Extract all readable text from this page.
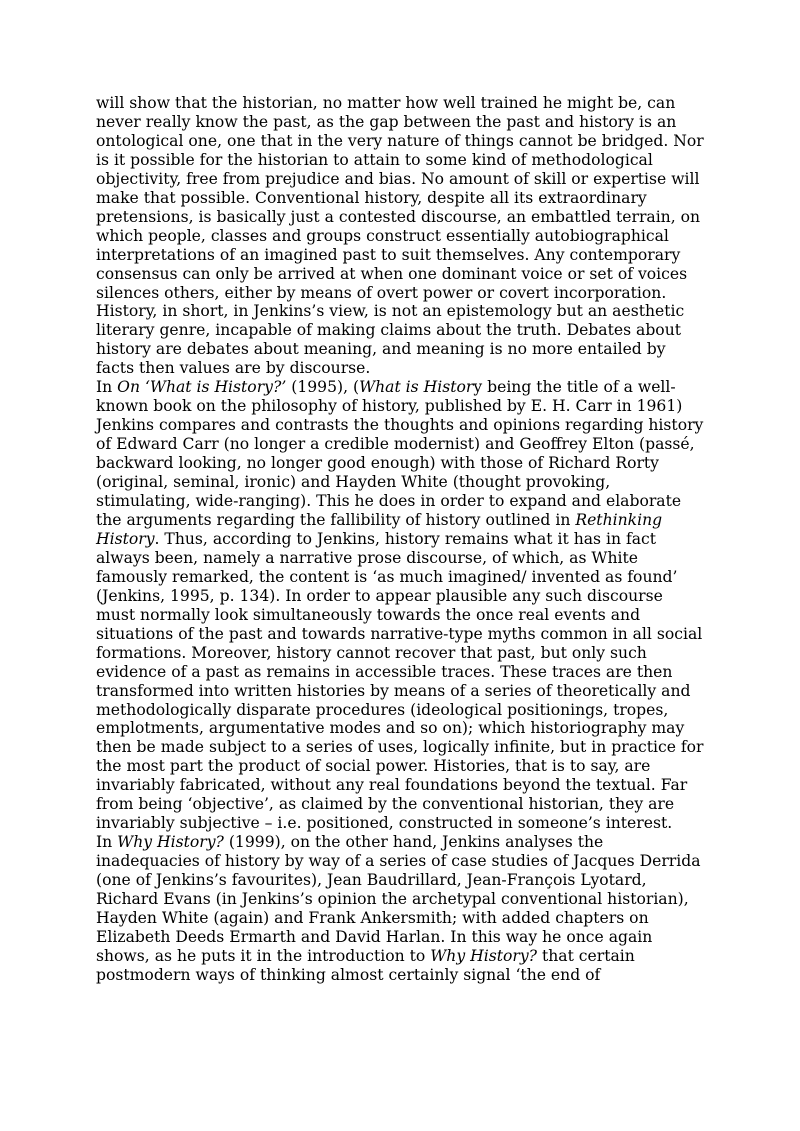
will show that the historian, no matter how well trained he might be, can never really know the past, as the gap between the past and history is an ontological one, one that in the very nature of things cannot be bridged. Nor is it possible for the historian to attain to some kind of methodological objectivity, free from prejudice and bias. No amount of skill or expertise will make that possible. Conventional history, despite all its extraordinary pretensions, is basically just a contested discourse, an embattled terrain, on which people, classes and groups construct essentially autobiographical interpretations of an imagined past to suit themselves. Any contemporary consensus can only be arrived at when one dominant voice or set of voices silences others, either by means of overt power or covert incorporation. History, in short, in Jenkins’s view, is not an epistemology but an aesthetic literary genre, incapable of making claims about the truth. Debates about history are debates about meaning, and meaning is no more entailed by facts then values are by discourse.

In On ‘What is History?’ (1995), (What is History being the title of a well-known book on the philosophy of history, published by E. H. Carr in 1961) Jenkins compares and contrasts the thoughts and opinions regarding history of Edward Carr (no longer a credible modernist) and Geoffrey Elton (passé, backward looking, no longer good enough) with those of Richard Rorty (original, seminal, ironic) and Hayden White (thought provoking, stimulating, wide-ranging). This he does in order to expand and elaborate the arguments regarding the fallibility of history outlined in Rethinking History. Thus, according to Jenkins, history remains what it has in fact always been, namely a narrative prose discourse, of which, as White famously remarked, the content is ‘as much imagined/ invented as found’ (Jenkins, 1995, p. 134). In order to appear plausible any such discourse must normally look simultaneously towards the once real events and situations of the past and towards narrative-type myths common in all social formations. Moreover, history cannot recover that past, but only such evidence of a past as remains in accessible traces. These traces are then transformed into written histories by means of a series of theoretically and methodologically disparate procedures (ideological positionings, tropes, emplotments, argumentative modes and so on); which historiography may then be made subject to a series of uses, logically infinite, but in practice for the most part the product of social power. Histories, that is to say, are invariably fabricated, without any real foundations beyond the textual. Far from being ‘objective’, as claimed by the conventional historian, they are invariably subjective – i.e. positioned, constructed in someone’s interest.

In Why History? (1999), on the other hand, Jenkins analyses the inadequacies of history by way of a series of case studies of Jacques Derrida (one of Jenkins’s favourites), Jean Baudrillard, Jean-François Lyotard, Richard Evans (in Jenkins’s opinion the archetypal conventional historian), Hayden White (again) and Frank Ankersmith; with added chapters on Elizabeth Deeds Ermarth and David Harlan. In this way he once again shows, as he puts it in the introduction to Why History? that certain postmodern ways of thinking almost certainly signal ‘the end of
